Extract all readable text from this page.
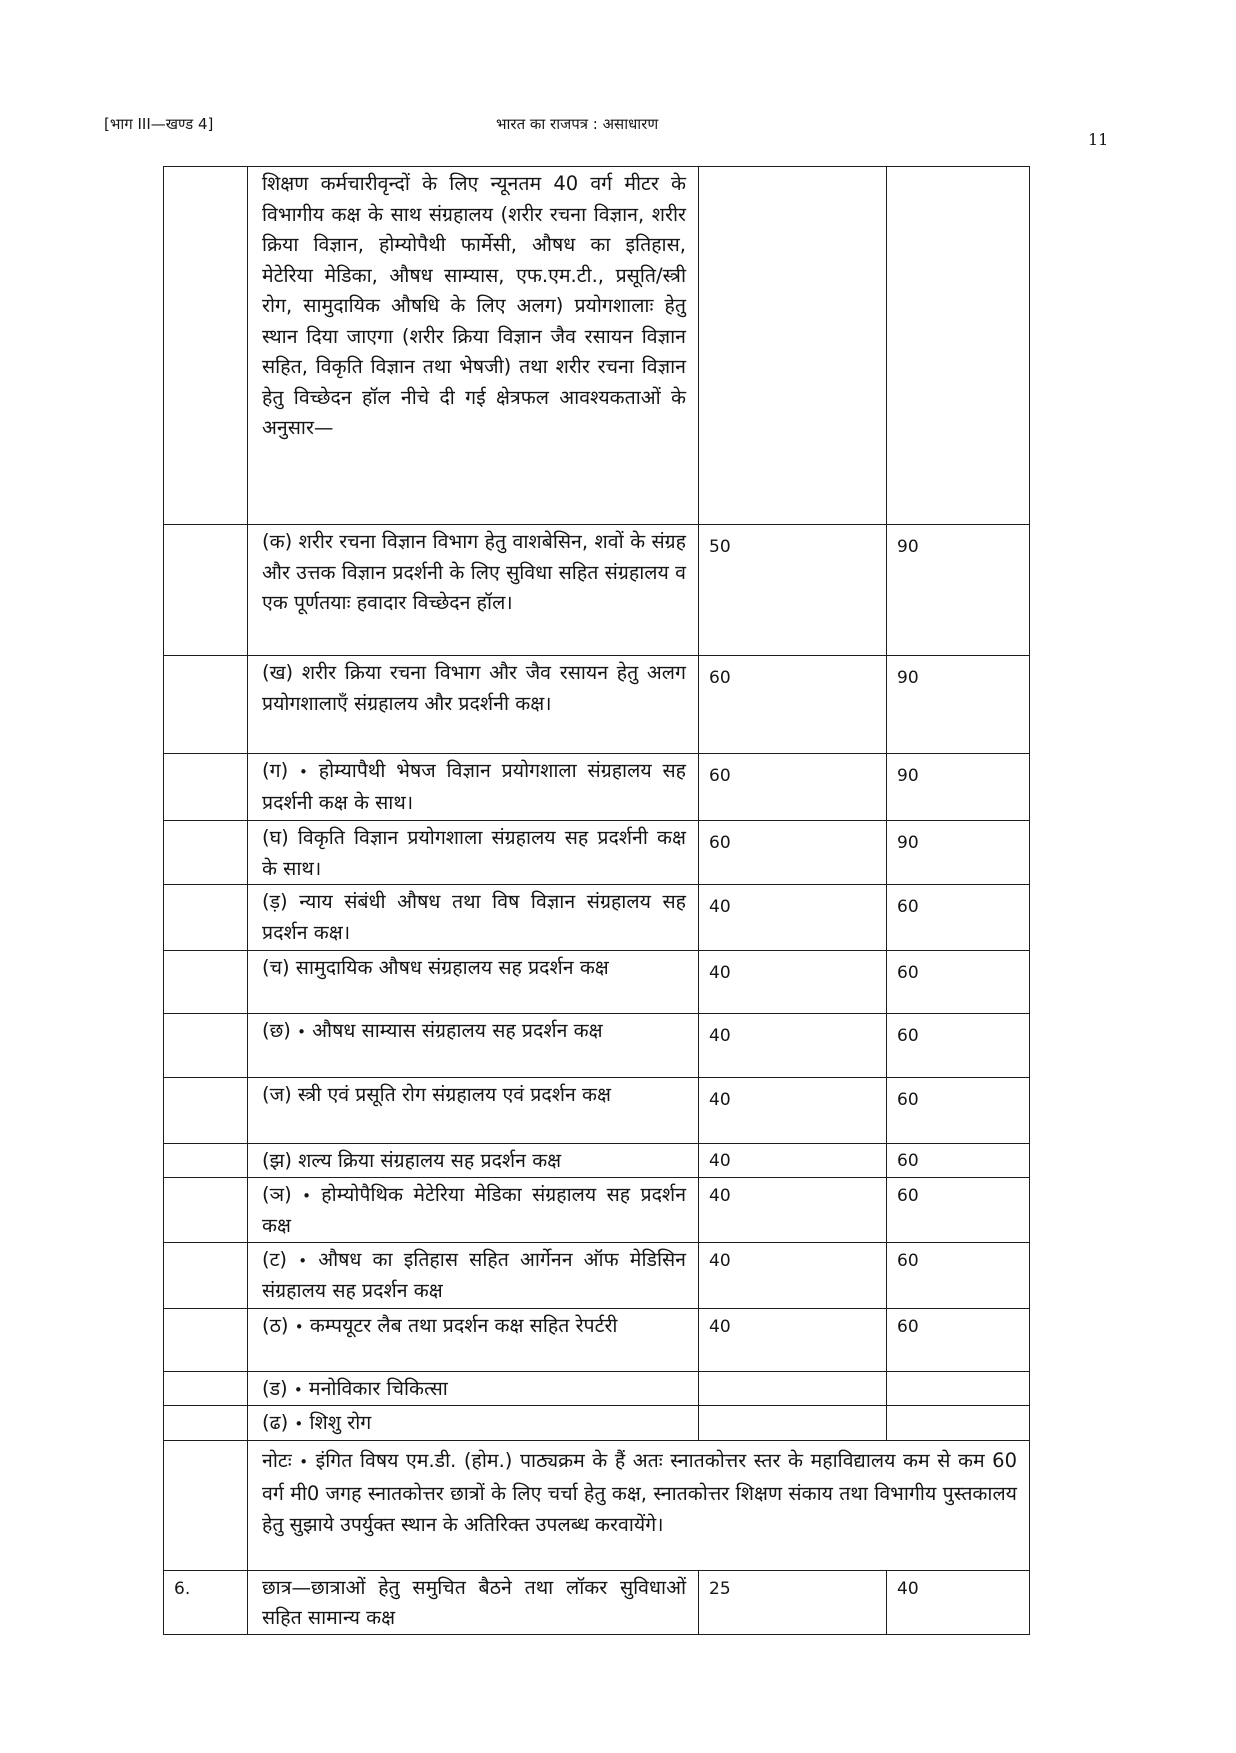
[भाग III—खण्ड 4]	भारत का राजपत्र : असाधारण
11
	शिक्षण कर्मचारीवृन्दों के लिए न्यूनतम 40 वर्ग मीटर के विभागीय कक्ष के साथ संग्रहालय (शरीर रचना विज्ञान, शरीर क्रिया विज्ञान, होम्योपैथी फार्मेसी, औषध का इतिहास, मेटेरिया मेडिका, औषध साम्यास, एफ.एम.टी., प्रसूति/स्त्री रोग, सामुदायिक औषधि के लिए अलग) प्रयोगशालाः हेतु स्थान दिया जाएगा (शरीर क्रिया विज्ञान जैव रसायन विज्ञान सहित, विकृति विज्ञान तथा भेषजी) तथा शरीर रचना विज्ञान हेतु विच्छेदन हॉल नीचे दी गई क्षेत्रफल आवश्यकताओं के अनुसार—		
	(क) शरीर रचना विज्ञान विभाग हेतु वाशबेसिन, शवों के संग्रह और उत्तक विज्ञान प्रदर्शनी के लिए सुविधा सहित संग्रहालय व एक पूर्णतयाः हवादार विच्छेदन हॉल।	50	90
	(ख) शरीर क्रिया रचना विभाग और जैव रसायन हेतु अलग प्रयोगशालाएँ संग्रहालय और प्रदर्शनी कक्ष।	60	90
	(ग) • होम्यापैथी भेषज विज्ञान प्रयोगशाला संग्रहालय सह प्रदर्शनी कक्ष के साथ।	60	90
	(घ) विकृति विज्ञान प्रयोगशाला संग्रहालय सह प्रदर्शनी कक्ष के साथ।	60	90
	(ड़) न्याय संबंधी औषध तथा विष विज्ञान संग्रहालय सह प्रदर्शन कक्ष।	40	60
	(च) सामुदायिक औषध संग्रहालय सह प्रदर्शन कक्ष	40	60
	(छ) • औषध साम्यास संग्रहालय सह प्रदर्शन कक्ष	40	60
	(ज) स्त्री एवं प्रसूति रोग संग्रहालय एवं प्रदर्शन कक्ष	40	60
	(झ) शल्य क्रिया संग्रहालय सह प्रदर्शन कक्ष	40	60
	(ञ) • होम्योपैथिक मेटेरिया मेडिका संग्रहालय सह प्रदर्शन कक्ष	40	60
	(ट) • औषध का इतिहास सहित आर्गेनन ऑफ मेडिसिन संग्रहालय सह प्रदर्शन कक्ष	40	60
	(ठ) • कम्पयूटर लैब तथा प्रदर्शन कक्ष सहित रेपर्टरी	40	60
	(ड) • मनोविकार चिकित्सा		
	(ढ) • शिशु रोग		
	नोटः • इंगित विषय एम.डी. (होम.) पाठ्यक्रम के हैं अतः स्नातकोत्तर स्तर के महाविद्यालय कम से कम 60 वर्ग मी0 जगह स्नातकोत्तर छात्रों के लिए चर्चा हेतु कक्ष, स्नातकोत्तर शिक्षण संकाय तथा विभागीय पुस्तकालय हेतु सुझाये उपर्युक्त स्थान के अतिरिक्त उपलब्ध करवायेंगे।		
6.	छात्र—छात्राओं हेतु समुचित बैठने तथा लॉकर सुविधाओं सहित सामान्य कक्ष	25	40
